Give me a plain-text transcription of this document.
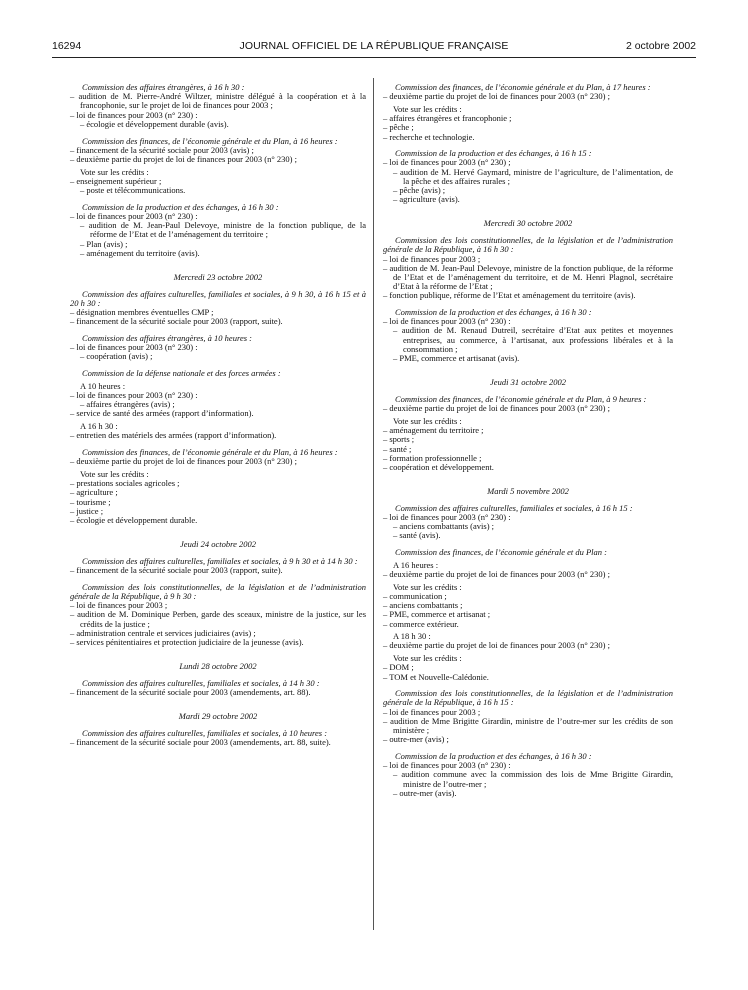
16294	JOURNAL OFFICIEL DE LA RÉPUBLIQUE FRANÇAISE	2 octobre 2002
Commission des affaires étrangères, à 16 h 30 :
– audition de M. Pierre-André Wiltzer, ministre délégué à la coopération et à la francophonie, sur le projet de loi de finances pour 2003 ;
– loi de finances pour 2003 (n° 230) :
– écologie et développement durable (avis).
Commission des finances, de l’économie générale et du Plan, à 16 heures :
– financement de la sécurité sociale pour 2003 (avis) ;
– deuxième partie du projet de loi de finances pour 2003 (n° 230) ;
Vote sur les crédits :
– enseignement supérieur ;
– poste et télécommunications.
Commission de la production et des échanges, à 16 h 30 :
– loi de finances pour 2003 (n° 230) :
– audition de M. Jean-Paul Delevoye, ministre de la fonction publique, de la réforme de l’Etat et de l’aménagement du territoire ;
– Plan (avis) ;
– aménagement du territoire (avis).
Mercredi 23 octobre 2002
Commission des affaires culturelles, familiales et sociales, à 9 h 30, à 16 h 15 et à 20 h 30 :
– désignation membres éventuelles CMP ;
– financement de la sécurité sociale pour 2003 (rapport, suite).
Commission des affaires étrangères, à 10 heures :
– loi de finances pour 2003 (n° 230) :
– coopération (avis) ;
Commission de la défense nationale et des forces armées :
A 10 heures :
– loi de finances pour 2003 (n° 230) :
– affaires étrangères (avis) ;
– service de santé des armées (rapport d’information).
A 16 h 30 :
– entretien des matériels des armées (rapport d’information).
Commission des finances, de l’économie générale et du Plan, à 16 heures :
– deuxième partie du projet de loi de finances pour 2003 (n° 230) ;
Vote sur les crédits :
– prestations sociales agricoles ;
– agriculture ;
– tourisme ;
– justice ;
– écologie et développement durable.
Jeudi 24 octobre 2002
Commission des affaires culturelles, familiales et sociales, à 9 h 30 et à 14 h 30 :
– financement de la sécurité sociale pour 2003 (rapport, suite).
Commission des lois constitutionnelles, de la législation et de l’administration générale de la République, à 9 h 30 :
– loi de finances pour 2003 ;
– audition de M. Dominique Perben, garde des sceaux, ministre de la justice, sur les crédits de la justice ;
– administration centrale et services judiciaires (avis) ;
– services pénitentiaires et protection judiciaire de la jeunesse (avis).
Lundi 28 octobre 2002
Commission des affaires culturelles, familiales et sociales, à 14 h 30 :
– financement de la sécurité sociale pour 2003 (amendements, art. 88).
Mardi 29 octobre 2002
Commission des affaires culturelles, familiales et sociales, à 10 heures :
– financement de la sécurité sociale pour 2003 (amendements, art. 88, suite).
Commission des finances, de l’économie générale et du Plan, à 17 heures :
– deuxième partie du projet de loi de finances pour 2003 (n° 230) ;
Vote sur les crédits :
– affaires étrangères et francophonie ;
– pêche ;
– recherche et technologie.
Commission de la production et des échanges, à 16 h 15 :
– loi de finances pour 2003 (n° 230) ;
– audition de M. Hervé Gaymard, ministre de l’agriculture, de l’alimentation, de la pêche et des affaires rurales ;
– pêche (avis) ;
– agriculture (avis).
Mercredi 30 octobre 2002
Commission des lois constitutionnelles, de la législation et de l’administration générale de la République, à 16 h 30 :
– loi de finances pour 2003 ;
– audition de M. Jean-Paul Delevoye, ministre de la fonction publique, de la réforme de l’Etat et de l’aménagement du territoire, et de M. Henri Plagnol, secrétaire d’Etat à la réforme de l’Etat ;
– fonction publique, réforme de l’Etat et aménagement du territoire (avis).
Commission de la production et des échanges, à 16 h 30 :
– loi de finances pour 2003 (n° 230) :
– audition de M. Renaud Dutreil, secrétaire d’Etat aux petites et moyennes entreprises, au commerce, à l’artisanat, aux professions libérales et à la consommation ;
– PME, commerce et artisanat (avis).
Jeudi 31 octobre 2002
Commission des finances, de l’économie générale et du Plan, à 9 heures :
– deuxième partie du projet de loi de finances pour 2003 (n° 230) ;
Vote sur les crédits :
– aménagement du territoire ;
– sports ;
– santé ;
– formation professionnelle ;
– coopération et développement.
Mardi 5 novembre 2002
Commission des affaires culturelles, familiales et sociales, à 16 h 15 :
– loi de finances pour 2003 (n° 230) :
– anciens combattants (avis) ;
– santé (avis).
Commission des finances, de l’économie générale et du Plan :
A 16 heures :
– deuxième partie du projet de loi de finances pour 2003 (n° 230) ;
Vote sur les crédits :
– communication ;
– anciens combattants ;
– PME, commerce et artisanat ;
– commerce extérieur.
A 18 h 30 :
– deuxième partie du projet de loi de finances pour 2003 (n° 230) ;
Vote sur les crédits :
– DOM ;
– TOM et Nouvelle-Calédonie.
Commission des lois constitutionnelles, de la législation et de l’administration générale de la République, à 16 h 15 :
– loi de finances pour 2003 ;
– audition de Mme Brigitte Girardin, ministre de l’outre-mer sur les crédits de son ministère ;
– outre-mer (avis) ;
Commission de la production et des échanges, à 16 h 30 :
– loi de finances pour 2003 (n° 230) :
– audition commune avec la commission des lois de Mme Brigitte Girardin, ministre de l’outre-mer ;
– outre-mer (avis).
